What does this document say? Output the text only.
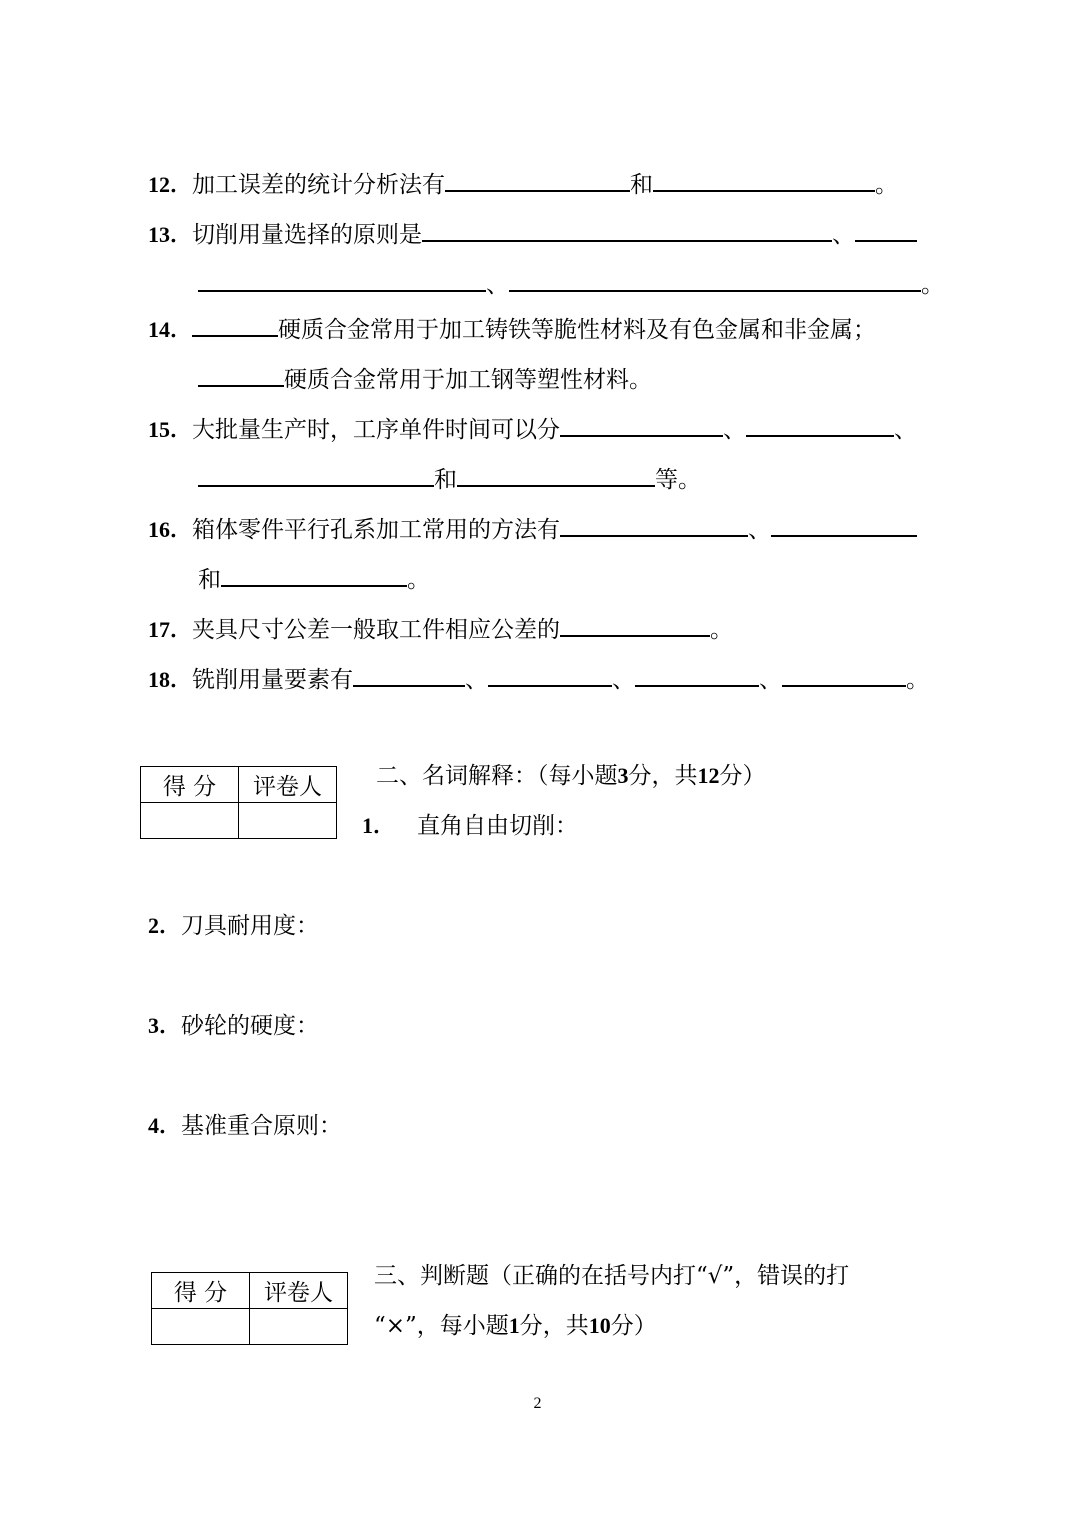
12．加工误差的统计分析法有	和	。
13．切削用量选择的原则是	、
、	。
14．	硬质合金常用于加工铸铁等脆性材料及有色金属和非金属；
硬质合金常用于加工钢等塑性材料。
15．大批量生产时，工序单件时间可以分	、	、
和	等。
16．箱体零件平行孔系加工常用的方法有	、
和	。
17．夹具尺寸公差一般取工件相应公差的	。
18．铣削用量要素有	、	、	、	。
得 分	评卷人
	二、名词解释：（每小题3分，共12分）
1． 直角自由切削：
2．刀具耐用度：
3．砂轮的硬度：
4．基准重合原则：
得 分	评卷人

三、判断题（正确的在括号内打“√”，错误的打
“×”，每小题1分，共10分）
2
